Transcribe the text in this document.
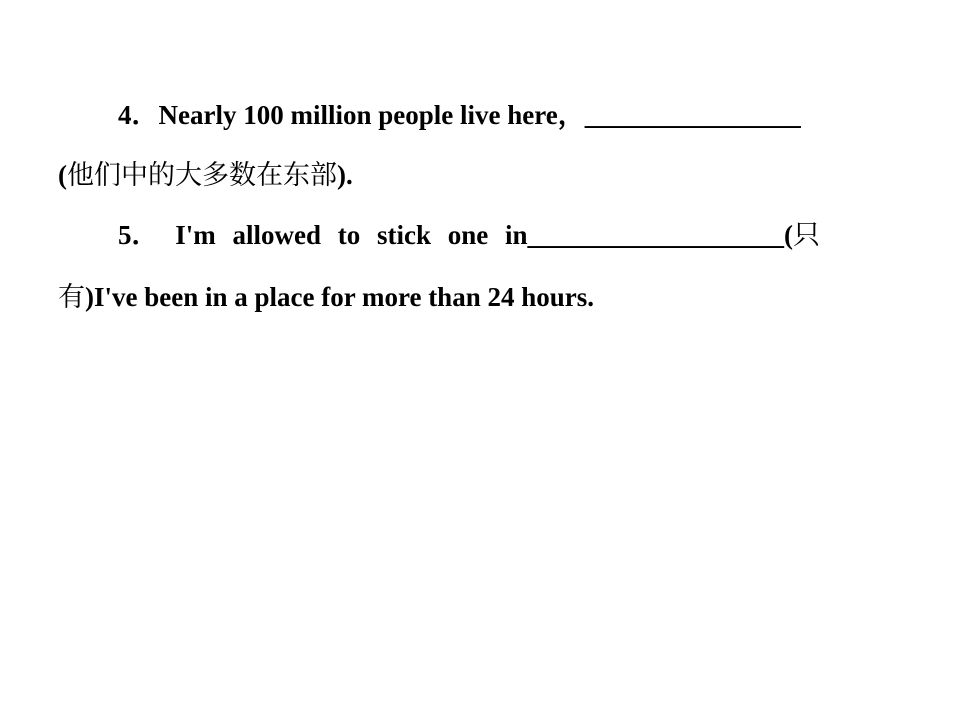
4．Nearly 100 million people live here，________________
(他们中的大多数在东部).
5． I'm allowed to stick one in___________________(只
有)I've been in a place for more than 24 hours.
